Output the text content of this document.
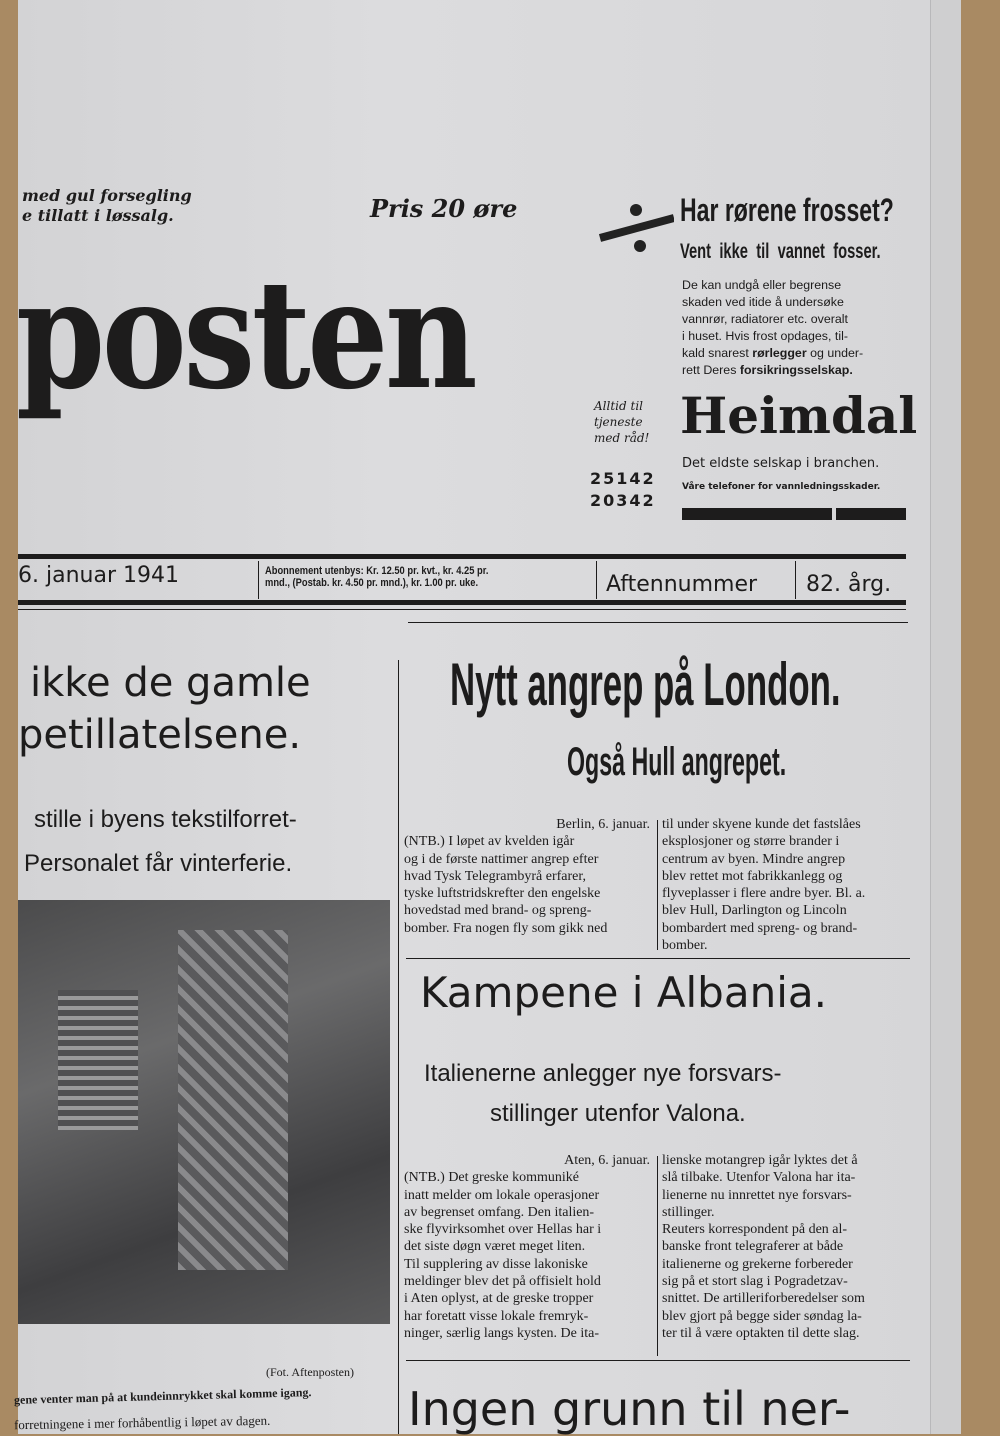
med gul forsegling
e tillatt i løssalg.	Pris 20 øre
posten
Har rørene frosset?
Vent ikke til vannet fosser.
De kan undgå eller begrense
skaden ved itide å undersøke
vannrør, radiatorer etc. overalt
i huset. Hvis frost opdages, til-
kald snarest rørlegger og under-
rett Deres forsikringsselskap.
Heimdal
Det eldste selskap i branchen.
Våre telefoner for vannledningsskader.
Alltid til
tjeneste
med råd!
25142
20342
6. januar 1941	Abonnement utenbys: Kr. 12.50 pr. kvt., kr. 4.25 pr.
mnd., (Postab. kr. 4.50 pr. mnd.), kr. 1.00 pr. uke.	Aftennummer 82. årg.
ikke de gamle
petillatelsene.
stille i byens tekstilforret-
Personalet får vinterferie.
(Fot. Aftenposten)
gene venter man på at kundeinnrykket skal komme igang.
forretningene i mer forhåbentlig i løpet av dagen.
Nytt angrep på London.
Også Hull angrepet.
Berlin, 6. januar.
(NTB.) I løpet av kvelden igår
og i de første nattimer angrep efter
hvad Tysk Telegrambyrå erfarer,
tyske luftstridskrefter den engelske
hovedstad med brand- og spreng-
bomber. Fra nogen fly som gikk ned
til under skyene kunde det fastslåes
eksplosjoner og større brander i
centrum av byen. Mindre angrep
blev rettet mot fabrikkanlegg og
flyveplasser i flere andre byer. Bl. a.
blev Hull, Darlington og Lincoln
bombardert med spreng- og brand-
bomber.
Kampene i Albania.
Italienerne anlegger nye forsvars-
stillinger utenfor Valona.
Aten, 6. januar.
(NTB.) Det greske kommuniké
inatt melder om lokale operasjoner
av begrenset omfang. Den italien-
ske flyvirksomhet over Hellas har i
det siste døgn været meget liten.
Til supplering av disse lakoniske
meldinger blev det på offisielt hold
i Aten oplyst, at de greske tropper
har foretatt visse lokale fremryk-
ninger, særlig langs kysten. De ita-
lienske motangrep igår lyktes det å
slå tilbake. Utenfor Valona har ita-
lienerne nu innrettet nye forsvars-
stillinger.
Reuters korrespondent på den al-
banske front telegraferer at både
italienerne og grekerne forbereder
sig på et stort slag i Pogradetzav-
snittet. De artilleriforberedelser som
blev gjort på begge sider søndag la-
ter til å være optakten til dette slag.
Ingen grunn til ner-
